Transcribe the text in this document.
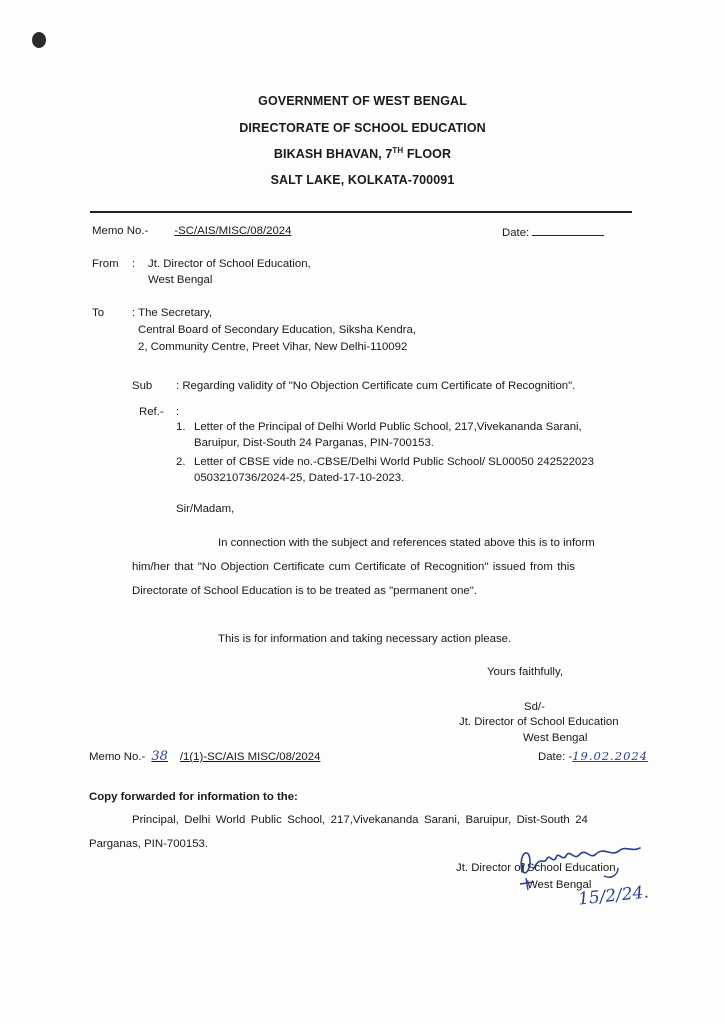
GOVERNMENT OF WEST BENGAL
DIRECTORATE OF SCHOOL EDUCATION
BIKASH BHAVAN, 7TH FLOOR
SALT LAKE, KOLKATA-700091
Memo No.- -SC/AIS/MISC/08/2024	Date:
From : Jt. Director of School Education,
West Bengal
To : The Secretary,
Central Board of Secondary Education, Siksha Kendra,
2, Community Centre, Preet Vihar, New Delhi-110092
Sub : Regarding validity of "No Objection Certificate cum Certificate of Recognition".
Ref.- :
1. Letter of the Principal of Delhi World Public School, 217,Vivekananda Sarani,
Baruipur, Dist-South 24 Parganas, PIN-700153.
2. Letter of CBSE vide no.-CBSE/Delhi World Public School/ SL00050 242522023
0503210736/2024-25, Dated-17-10-2023.
Sir/Madam,
In connection with the subject and references stated above this is to inform
him/her that "No Objection Certificate cum Certificate of Recognition" issued from this
Directorate of School Education is to be treated as "permanent one".
This is for information and taking necessary action please.
Yours faithfully,
Sd/-
Jt. Director of School Education
West Bengal
Memo No.- 38 /1(1)-SC/AIS MISC/08/2024	Date: -19.02.2024
Copy forwarded for information to the:
Principal, Delhi World Public School, 217,Vivekananda Sarani, Baruipur, Dist-South 24
Parganas, PIN-700153.
Jt. Director of School Education
West Bengal
15/2/24.
